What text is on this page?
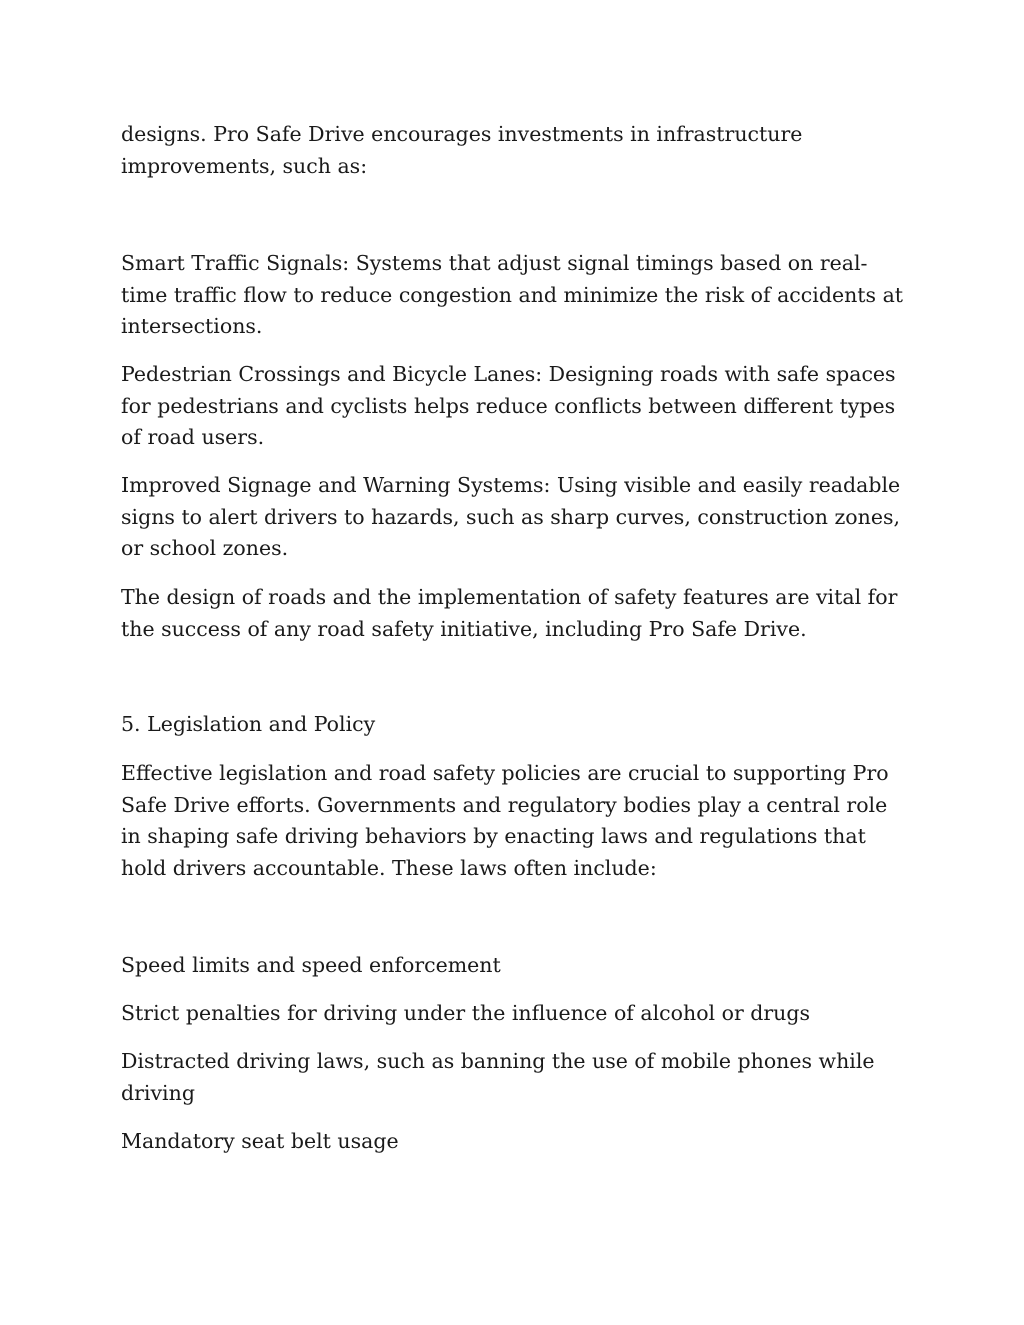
designs. Pro Safe Drive encourages investments in infrastructure improvements, such as:

Smart Traffic Signals: Systems that adjust signal timings based on real-time traffic flow to reduce congestion and minimize the risk of accidents at intersections.

Pedestrian Crossings and Bicycle Lanes: Designing roads with safe spaces for pedestrians and cyclists helps reduce conflicts between different types of road users.

Improved Signage and Warning Systems: Using visible and easily readable signs to alert drivers to hazards, such as sharp curves, construction zones, or school zones.

The design of roads and the implementation of safety features are vital for the success of any road safety initiative, including Pro Safe Drive.

5. Legislation and Policy

Effective legislation and road safety policies are crucial to supporting Pro Safe Drive efforts. Governments and regulatory bodies play a central role in shaping safe driving behaviors by enacting laws and regulations that hold drivers accountable. These laws often include:

Speed limits and speed enforcement

Strict penalties for driving under the influence of alcohol or drugs

Distracted driving laws, such as banning the use of mobile phones while driving

Mandatory seat belt usage
